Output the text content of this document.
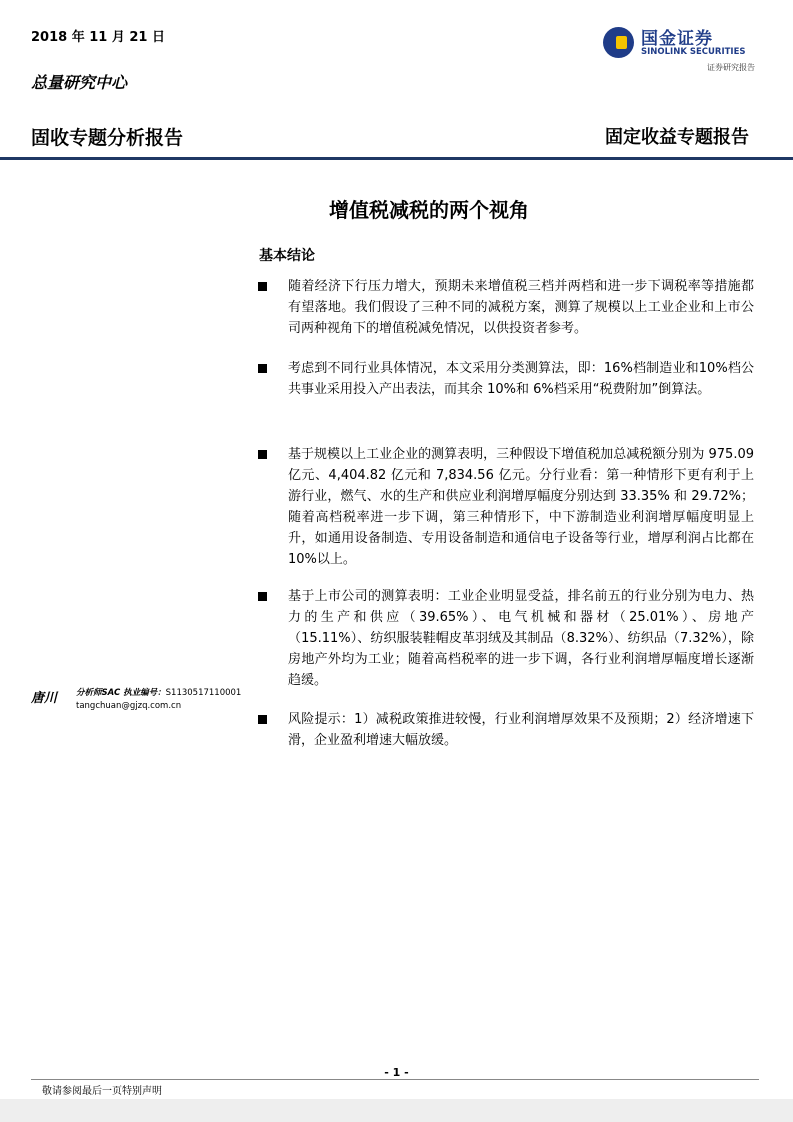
2018 年 11 月 21 日
总量研究中心
国金证券
SINOLINK SECURITIES
证券研究报告
固收专题分析报告	固定收益专题报告
增值税减税的两个视角
基本结论
随着经济下行压力增大，预期未来增值税三档并两档和进一步下调税率等措施都有望落地。我们假设了三种不同的减税方案，测算了规模以上工业企业和上市公司两种视角下的增值税减免情况，以供投资者参考。
考虑到不同行业具体情况，本文采用分类测算法，即：16%档制造业和10%档公共事业采用投入产出表法，而其余 10%和 6%档采用“税费附加”倒算法。
基于规模以上工业企业的测算表明，三种假设下增值税加总减税额分别为 975.09 亿元、4,404.82 亿元和 7,834.56 亿元。分行业看：第一种情形下更有利于上游行业，燃气、水的生产和供应业利润增厚幅度分别达到 33.35% 和 29.72%；随着高档税率进一步下调，第三种情形下，中下游制造业利润增厚幅度明显上升，如通用设备制造、专用设备制造和通信电子设备等行业，增厚利润占比都在 10%以上。
基于上市公司的测算表明：工业企业明显受益，排名前五的行业分别为电力、热力的生产和供应（39.65%）、电气机械和器材（25.01%）、房地产（15.11%）、纺织服装鞋帽皮革羽绒及其制品（8.32%）、纺织品（7.32%），除房地产外均为工业；随着高档税率的进一步下调，各行业利润增厚幅度增长逐渐趋缓。
风险提示：1）减税政策推进较慢，行业利润增厚效果不及预期；2）经济增速下滑，企业盈利增速大幅放缓。
唐川 分析师SAC 执业编号：S1130517110001
tangchuan@gjzq.com.cn
- 1 -
敬请参阅最后一页特别声明
